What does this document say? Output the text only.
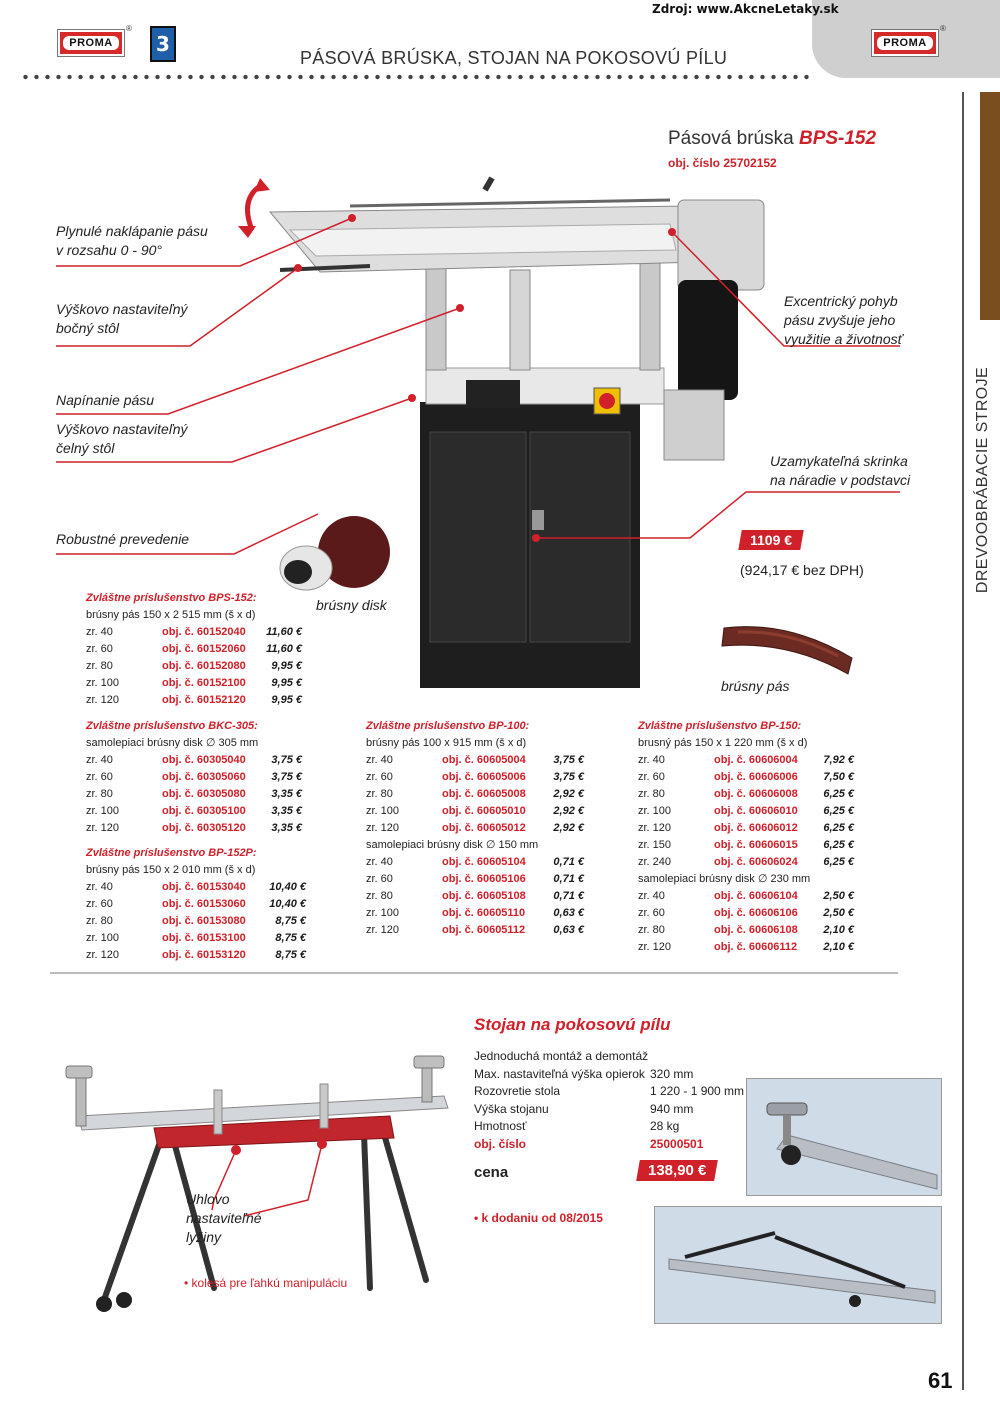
Zdroj: www.AkcneLetaky.sk
PROMA
®
3	PROMA
®
PÁSOVÁ BRÚSKA, STOJAN NA POKOSOVÚ PÍLU
DREVOOBRÁBACIE STROJE
61
Pásová brúska BPS-152
obj. číslo 25702152
brúsny disk
brúsny pás
Plynulé naklápanie pásu
v rozsahu 0 - 90°
Výškovo nastaviteľný
bočný stôl
Napínanie pásu
Výškovo nastaviteľný
čelný stôl
Robustné prevedenie
Excentrický pohyb
pásu zvyšuje jeho
využitie a životnosť
Uzamykateľná skrinka
na náradie v podstavci
1109 €
(924,17 € bez DPH)
Zvláštne príslušenstvo BPS-152:
brúsny pás 150 x 2 515 mm (š x d)
zr. 40	obj. č. 60152040	11,60 €
zr. 60	obj. č. 60152060	11,60 €
zr. 80	obj. č. 60152080	9,95 €
zr. 100	obj. č. 60152100	9,95 €
zr. 120	obj. č. 60152120	9,95 €
Zvláštne príslušenstvo BKC-305:
samolepiaci brúsny disk ∅ 305 mm
zr. 40	obj. č. 60305040	3,75 €
zr. 60	obj. č. 60305060	3,75 €
zr. 80	obj. č. 60305080	3,35 €
zr. 100	obj. č. 60305100	3,35 €
zr. 120	obj. č. 60305120	3,35 €
Zvláštne príslušenstvo BP-152P:
brúsny pás 150 x 2 010 mm (š x d)
zr. 40	obj. č. 60153040	10,40 €
zr. 60	obj. č. 60153060	10,40 €
zr. 80	obj. č. 60153080	8,75 €
zr. 100	obj. č. 60153100	8,75 €
zr. 120	obj. č. 60153120	8,75 €
Zvláštne príslušenstvo BP-100:
brúsny pás 100 x 915 mm (š x d)
zr. 40	obj. č. 60605004	3,75 €
zr. 60	obj. č. 60605006	3,75 €
zr. 80	obj. č. 60605008	2,92 €
zr. 100	obj. č. 60605010	2,92 €
zr. 120	obj. č. 60605012	2,92 €
samolepiaci brúsny disk ∅ 150 mm
zr. 40	obj. č. 60605104	0,71 €
zr. 60	obj. č. 60605106	0,71 €
zr. 80	obj. č. 60605108	0,71 €
zr. 100	obj. č. 60605110	0,63 €
zr. 120	obj. č. 60605112	0,63 €
Zvláštne príslušenstvo BP-150:
brusný pás 150 x 1 220 mm (š x d)
zr. 40	obj. č. 60606004	7,92 €
zr. 60	obj. č. 60606006	7,50 €
zr. 80	obj. č. 60606008	6,25 €
zr. 100	obj. č. 60606010	6,25 €
zr. 120	obj. č. 60606012	6,25 €
zr. 150	obj. č. 60606015	6,25 €
zr. 240	obj. č. 60606024	6,25 €
samolepiaci brúsny disk ∅ 230 mm
zr. 40	obj. č. 60606104	2,50 €
zr. 60	obj. č. 60606106	2,50 €
zr. 80	obj. č. 60606108	2,10 €
zr. 120	obj. č. 60606112	2,10 €
Uhlovo
nastaviteľné
lyžiny
• kolesá pre ľahkú manipuláciu
Stojan na pokosovú pílu
Jednoduchá montáž a demontáž
Max. nastaviteľná výška opierok 320 mm
Rozovretie stola	1 220 - 1 900 mm
Výška stojanu	940 mm
Hmotnosť	28 kg
obj. číslo	25000501
cena	138,90 €
• k dodaniu od 08/2015
